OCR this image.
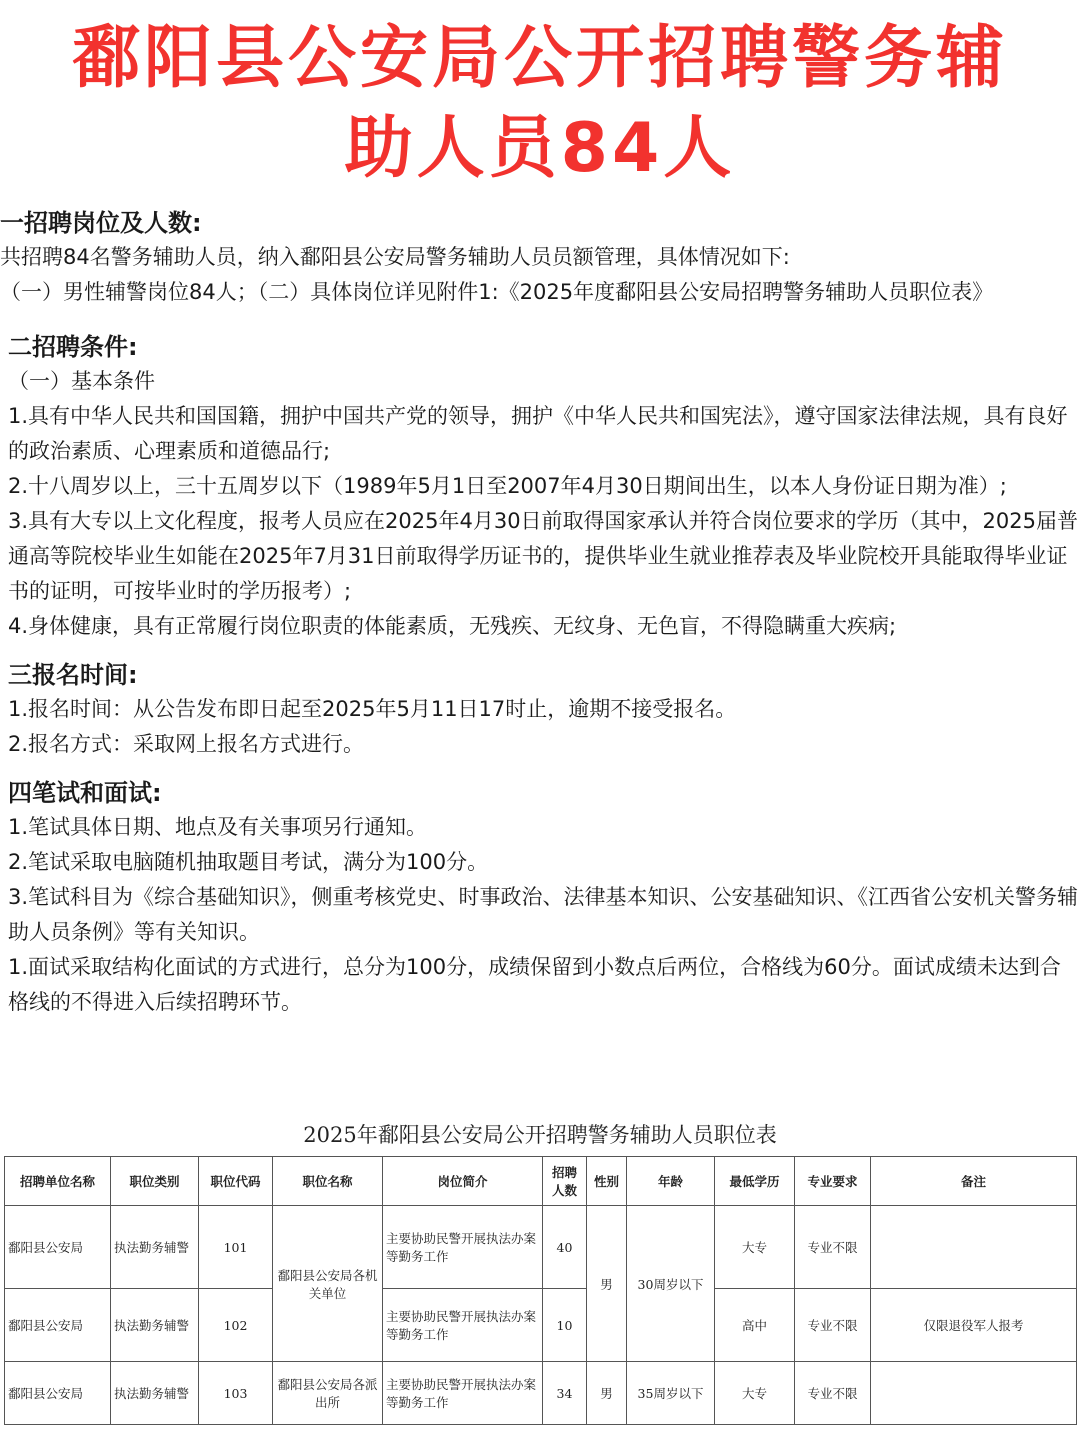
鄱阳县公安局公开招聘警务辅
助人员84人
一招聘岗位及人数:
共招聘84名警务辅助人员，纳入鄱阳县公安局警务辅助人员员额管理，具体情况如下:
（一）男性辅警岗位84人；（二）具体岗位详见附件1:《2025年度鄱阳县公安局招聘警务辅助人员职位表》
二招聘条件:
（一）基本条件
1.具有中华人民共和国国籍，拥护中国共产党的领导，拥护《中华人民共和国宪法》，遵守国家法律法规，具有良好的政治素质、心理素质和道德品行;
2.十八周岁以上，三十五周岁以下（1989年5月1日至2007年4月30日期间出生，以本人身份证日期为准）;
3.具有大专以上文化程度，报考人员应在2025年4月30日前取得国家承认并符合岗位要求的学历（其中，2025届普通高等院校毕业生如能在2025年7月31日前取得学历证书的，提供毕业生就业推荐表及毕业院校开具能取得毕业证书的证明，可按毕业时的学历报考）;
4.身体健康，具有正常履行岗位职责的体能素质，无残疾、无纹身、无色盲，不得隐瞒重大疾病;
三报名时间:
1.报名时间：从公告发布即日起至2025年5月11日17时止，逾期不接受报名。
2.报名方式：采取网上报名方式进行。
四笔试和面试:
1.笔试具体日期、地点及有关事项另行通知。
2.笔试采取电脑随机抽取题目考试，满分为100分。
3.笔试科目为《综合基础知识》，侧重考核党史、时事政治、法律基本知识、公安基础知识、《江西省公安机关警务辅助人员条例》等有关知识。
1.面试采取结构化面试的方式进行，总分为100分，成绩保留到小数点后两位，合格线为60分。面试成绩未达到合格线的不得进入后续招聘环节。
2025年鄱阳县公安局公开招聘警务辅助人员职位表
招聘单位名称	职位类别	职位代码	职位名称	岗位简介	招聘人数	性别	年龄	最低学历	专业要求	备注
鄱阳县公安局	执法勤务辅警	101	鄱阳县公安局各机关单位	主要协助民警开展执法办案等勤务工作	40	男	30周岁以下	大专	专业不限	
鄱阳县公安局	执法勤务辅警	102		主要协助民警开展执法办案等勤务工作	10			高中	专业不限	仅限退役军人报考
鄱阳县公安局	执法勤务辅警	103	鄱阳县公安局各派出所	主要协助民警开展执法办案等勤务工作	34	男	35周岁以下	大专	专业不限	
